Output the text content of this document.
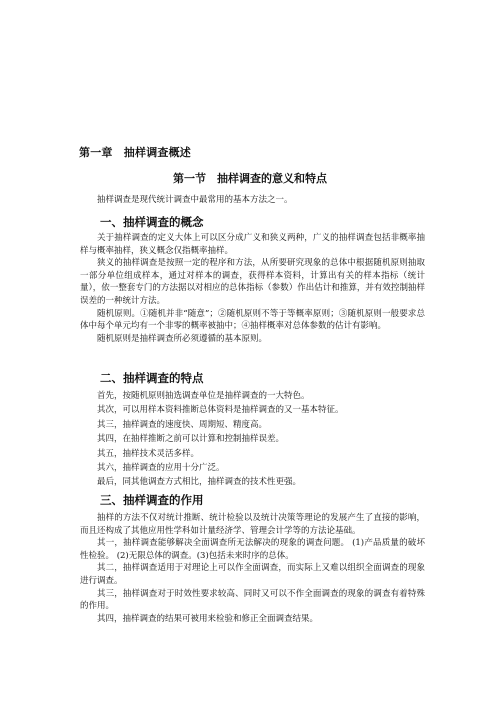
第一章　抽样调查概述
第一节　抽样调查的意义和特点

抽样调查是现代统计调查中最常用的基本方法之一。

一、抽样调查的概念

关于抽样调查的定义大体上可以区分成广义和狭义两种，广义的抽样调查包括非概率抽样与概率抽样，狭义概念仅指概率抽样。

狭义的抽样调查是按照一定的程序和方法，从所要研究现象的总体中根据随机原则抽取一部分单位组成样本，通过对样本的调查，获得样本资料，计算出有关的样本指标（统计量），依一整套专门的方法据以对相应的总体指标（参数）作出估计和推算，并有效控制抽样误差的一种统计方法。

随机原则。①随机并非“随意”；②随机原则不等于等概率原则；③随机原则一般要求总体中每个单元均有一个非零的概率被抽中；④抽样概率对总体参数的估计有影响。

随机原则是抽样调查所必须遵循的基本原则。

二、抽样调查的特点
首先，按随机原则抽选调查单位是抽样调查的一大特色。
其次，可以用样本资料推断总体资料是抽样调查的又一基本特征。
其三，抽样调查的速度快、周期短、精度高。
其四，在抽样推断之前可以计算和控制抽样误差。
其五，抽样技术灵活多样。
其六，抽样调查的应用十分广泛。
最后，同其他调查方式相比，抽样调查的技术性更强。
三、抽样调查的作用

抽样的方法不仅对统计推断、统计检验以及统计决策等理论的发展产生了直接的影响，而且还构成了其他应用性学科如计量经济学、管理会计学等的方法论基础。

其一，抽样调查能够解决全面调查所无法解决的现象的调查问题。 (1)产品质量的破坏性检验。 (2)无限总体的调查。(3)包括未来时序的总体。

其二，抽样调查适用于对理论上可以作全面调查，而实际上又难以组织全面调查的现象进行调查。

其三，抽样调查对于时效性要求较高、同时又可以不作全面调查的现象的调查有着特殊的作用。

其四，抽样调查的结果可被用来检验和修正全面调查结果。
